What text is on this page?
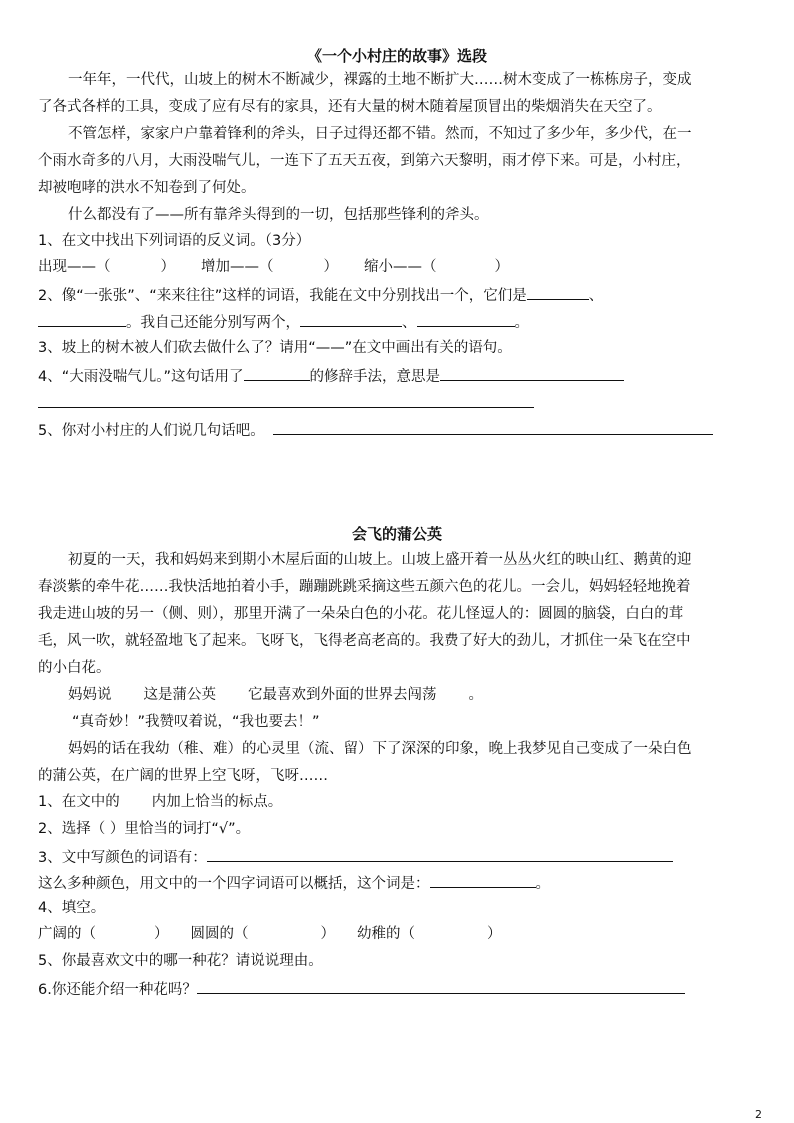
《一个小村庄的故事》选段
一年年，一代代，山坡上的树木不断减少，裸露的土地不断扩大……树木变成了一栋栋房子，变成
了各式各样的工具，变成了应有尽有的家具，还有大量的树木随着屋顶冒出的柴烟消失在天空了。
不管怎样，家家户户靠着锋利的斧头，日子过得还都不错。然而，不知过了多少年，多少代，在一
个雨水奇多的八月，大雨没喘气儿，一连下了五天五夜，到第六天黎明，雨才停下来。可是，小村庄，
却被咆哮的洪水不知卷到了何处。
什么都没有了——所有靠斧头得到的一切，包括那些锋利的斧头。
1、在文中找出下列词语的反义词。（3分）
出现——（	） 增加——（	） 缩小——（	）
2、像“一张张”、“来来往往”这样的词语，我能在文中分别找出一个，它们是	、
。我自己还能分别写两个，	、	。
3、坡上的树木被人们砍去做什么了？请用“——”在文中画出有关的语句。
4、“大雨没喘气儿。”这句话用了	的修辞手法，意思是
5、你对小村庄的人们说几句话吧。
会飞的蒲公英
初夏的一天，我和妈妈来到期小木屋后面的山坡上。山坡上盛开着一丛丛火红的映山红、鹅黄的迎
春淡紫的牵牛花……我快活地拍着小手，蹦蹦跳跳采摘这些五颜六色的花儿。一会儿，妈妈轻轻地挽着
我走进山坡的另一（侧、则），那里开满了一朵朵白色的小花。花儿怪逗人的：圆圆的脑袋，白白的茸
毛，风一吹，就轻盈地飞了起来。飞呀飞，飞得老高老高的。我费了好大的劲儿，才抓住一朵飞在空中
的小白花。
妈妈说 这是蒲公英 它最喜欢到外面的世界去闯荡 。
“真奇妙！”我赞叹着说，“我也要去！”
妈妈的话在我幼（稚、难）的心灵里（流、留）下了深深的印象，晚上我梦见自己变成了一朵白色
的蒲公英，在广阔的世界上空飞呀，飞呀……
1、在文中的 内加上恰当的标点。
2、选择（ ）里恰当的词打“√”。
3、文中写颜色的词语有：
这么多种颜色，用文中的一个四字词语可以概括，这个词是：	。
4、填空。
广阔的（	） 圆圆的（	） 幼稚的（	）
5、你最喜欢文中的哪一种花？请说说理由。
6.你还能介绍一种花吗？
2
